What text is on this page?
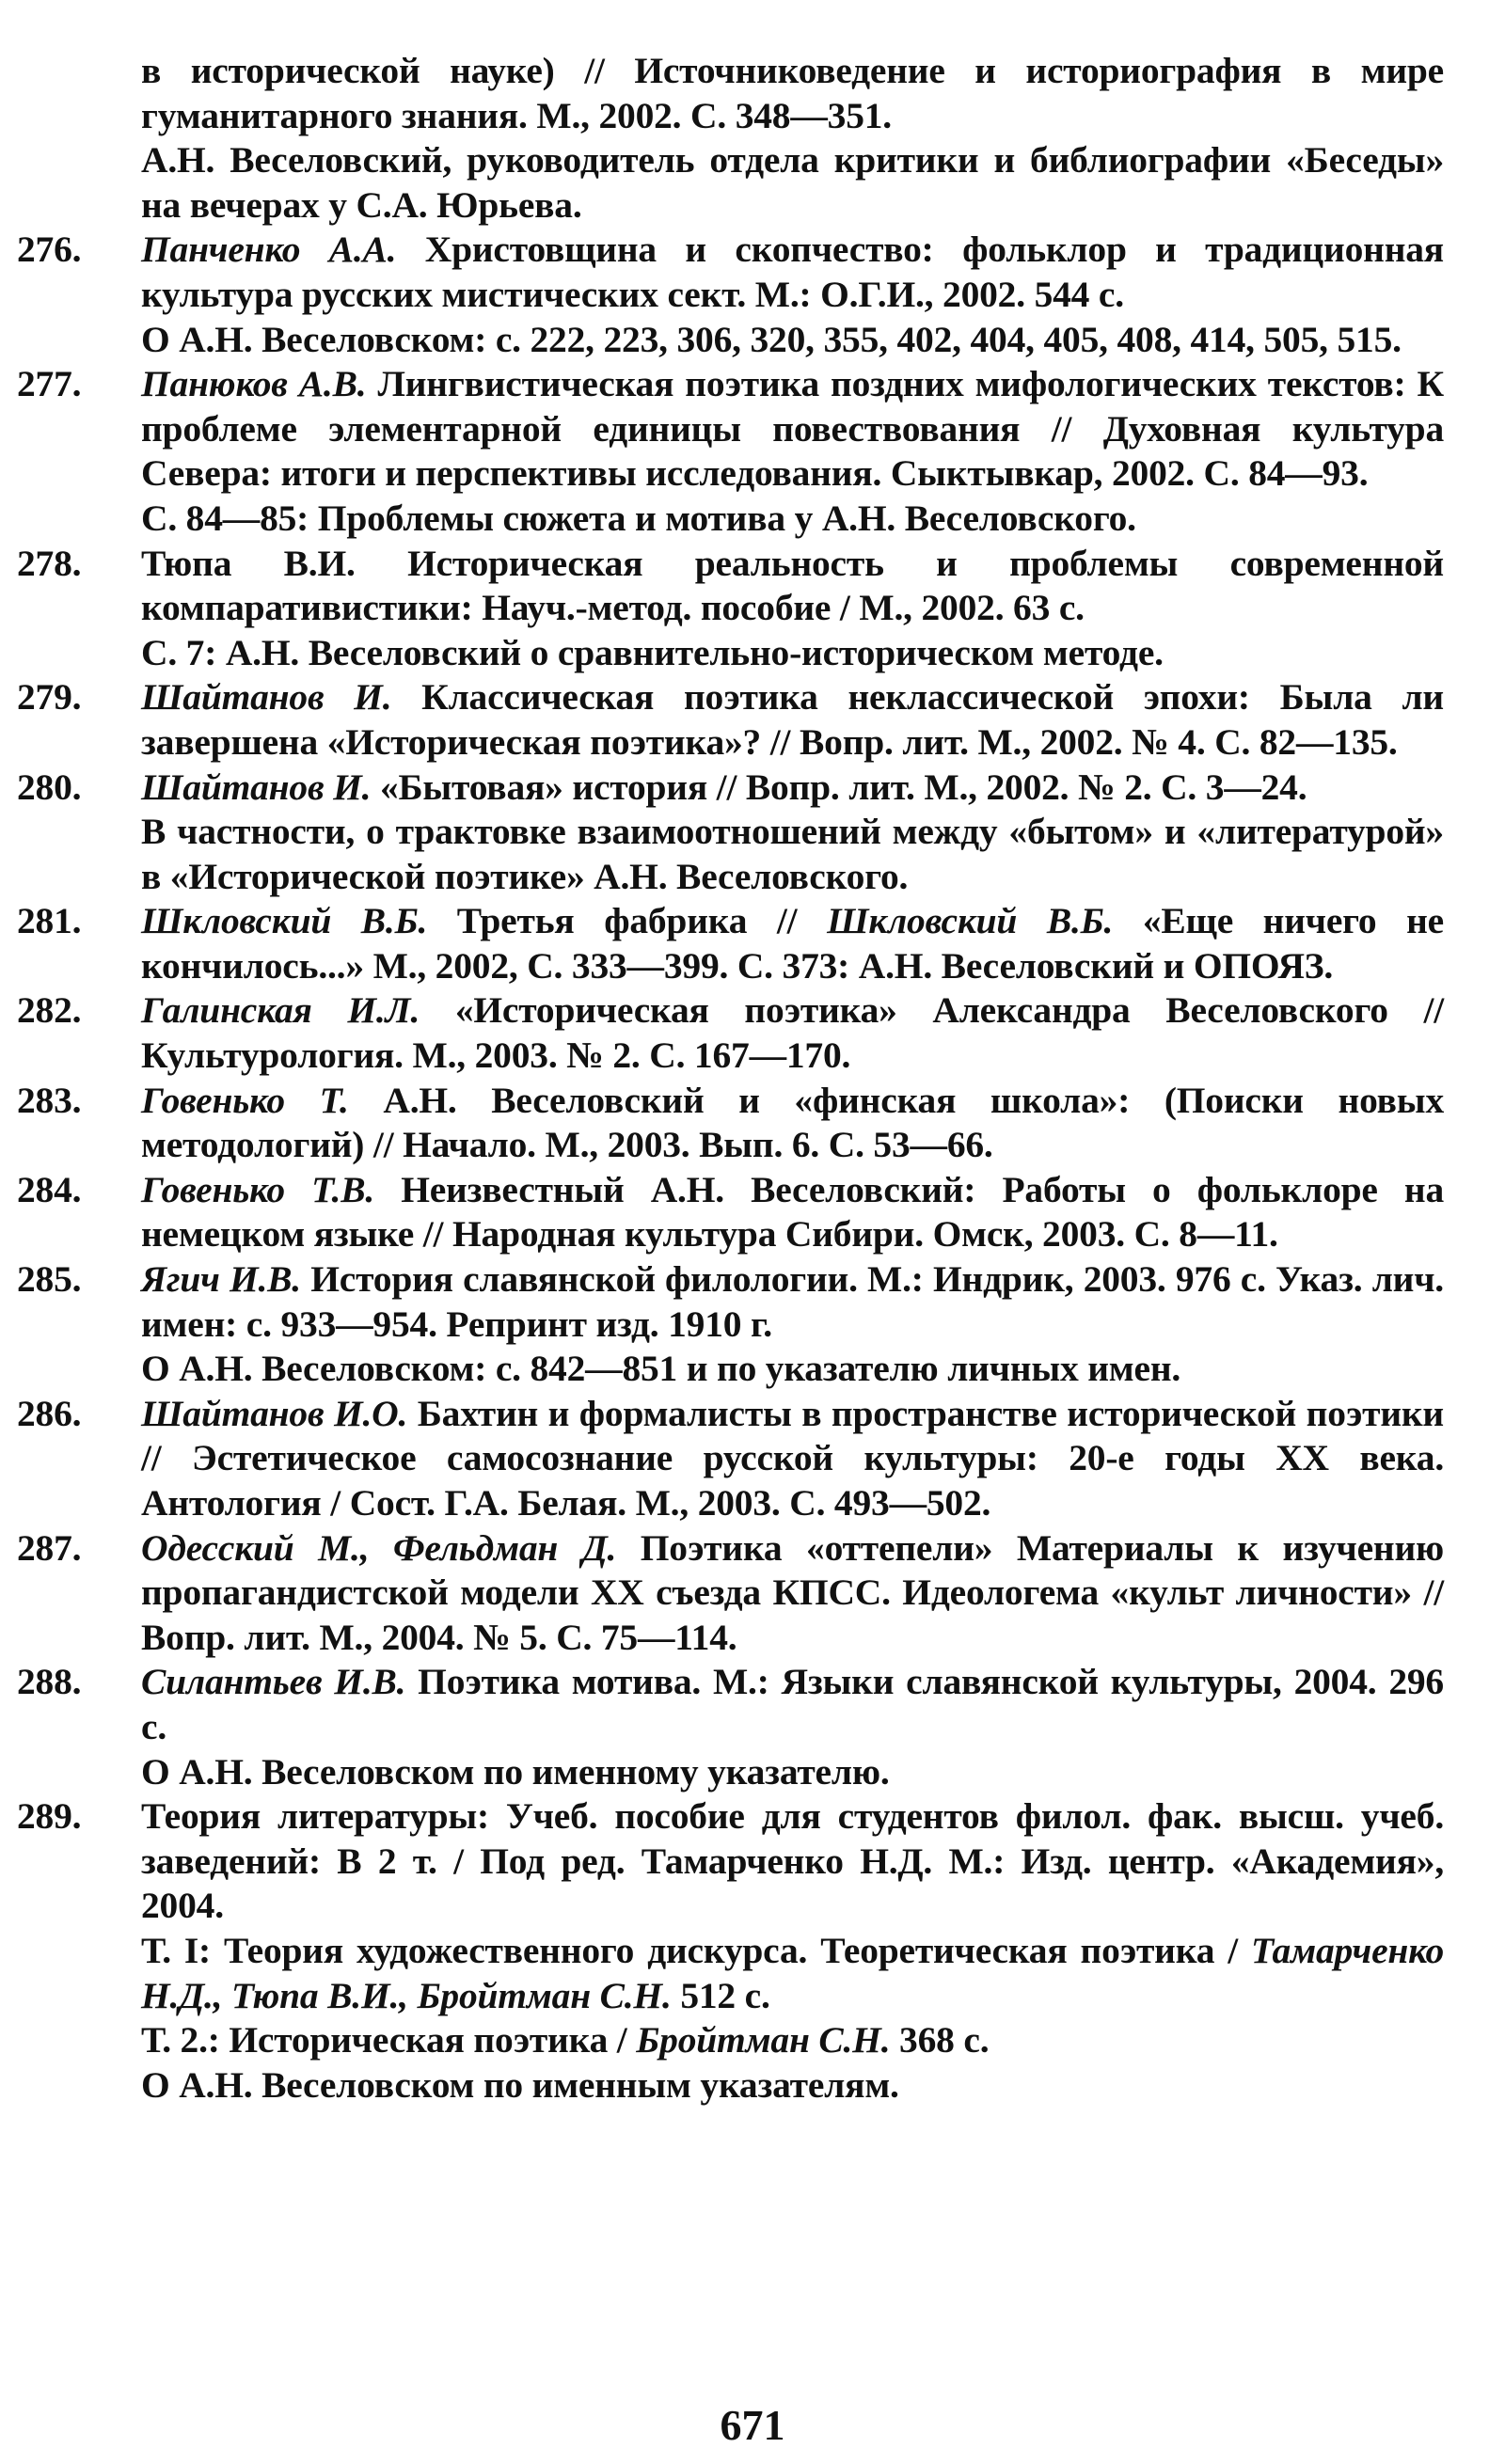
в исторической науке) // Источниковедение и историография в мире гуманитарного знания. М., 2002. С. 348—351.

А.Н. Веселовский, руководитель отдела критики и библиографии «Беседы» на вечерах у С.А. Юрьева.

276.	Панченко А.А. Христовщина и скопчество: фольклор и традиционная культура русских мистических сект. М.: О.Г.И., 2002. 544 с.
О А.Н. Веселовском: с. 222, 223, 306, 320, 355, 402, 404, 405, 408, 414, 505, 515.
277.	Панюков А.В. Лингвистическая поэтика поздних мифологических текстов: К проблеме элементарной единицы повествования // Духовная культура Севера: итоги и перспективы исследования. Сыктывкар, 2002. С. 84—93.
С. 84—85: Проблемы сюжета и мотива у А.Н. Веселовского.
278.	Тюпа В.И. Историческая реальность и проблемы современной компаративистики: Науч.-метод. пособие / М., 2002. 63 с.
С. 7: А.Н. Веселовский о сравнительно-историческом методе.
279.	Шайтанов И. Классическая поэтика неклассической эпохи: Была ли завершена «Историческая поэтика»? // Вопр. лит. М., 2002. № 4. С. 82—135.
280.	Шайтанов И. «Бытовая» история // Вопр. лит. М., 2002. № 2. С. 3—24.
В частности, о трактовке взаимоотношений между «бытом» и «литературой» в «Исторической поэтике» А.Н. Веселовского.
281.	Шкловский В.Б. Третья фабрика // Шкловский В.Б. «Еще ничего не кончилось...» М., 2002, С. 333—399. С. 373: А.Н. Веселовский и ОПОЯЗ.
282.	Галинская И.Л. «Историческая поэтика» Александра Веселовского // Культурология. М., 2003. № 2. С. 167—170.
283.	Говенько Т. А.Н. Веселовский и «финская школа»: (Поиски новых методологий) // Начало. М., 2003. Вып. 6. С. 53—66.
284.	Говенько Т.В. Неизвестный А.Н. Веселовский: Работы о фольклоре на немецком языке // Народная культура Сибири. Омск, 2003. С. 8—11.
285.	Ягич И.В. История славянской филологии. М.: Индрик, 2003. 976 с. Указ. лич. имен: с. 933—954. Репринт изд. 1910 г.
О А.Н. Веселовском: с. 842—851 и по указателю личных имен.
286.	Шайтанов И.О. Бахтин и формалисты в пространстве исторической поэтики // Эстетическое самосознание русской культуры: 20-е годы XX века. Антология / Сост. Г.А. Белая. М., 2003. С. 493—502.
287.	Одесский М., Фельдман Д. Поэтика «оттепели» Материалы к изучению пропагандистской модели XX съезда КПСС. Идеологема «культ личности» // Вопр. лит. М., 2004. № 5. С. 75—114.
288.	Силантьев И.В. Поэтика мотива. М.: Языки славянской культуры, 2004. 296 с.
О А.Н. Веселовском по именному указателю.
289.	Теория литературы: Учеб. пособие для студентов филол. фак. высш. учеб. заведений: В 2 т. / Под ред. Тамарченко Н.Д. М.: Изд. центр. «Академия», 2004.
Т. I: Теория художественного дискурса. Теоретическая поэтика / Тамарченко Н.Д., Тюпа В.И., Бройтман С.Н. 512 с.
Т. 2.: Историческая поэтика / Бройтман С.Н. 368 с.
О А.Н. Веселовском по именным указателям.
671
